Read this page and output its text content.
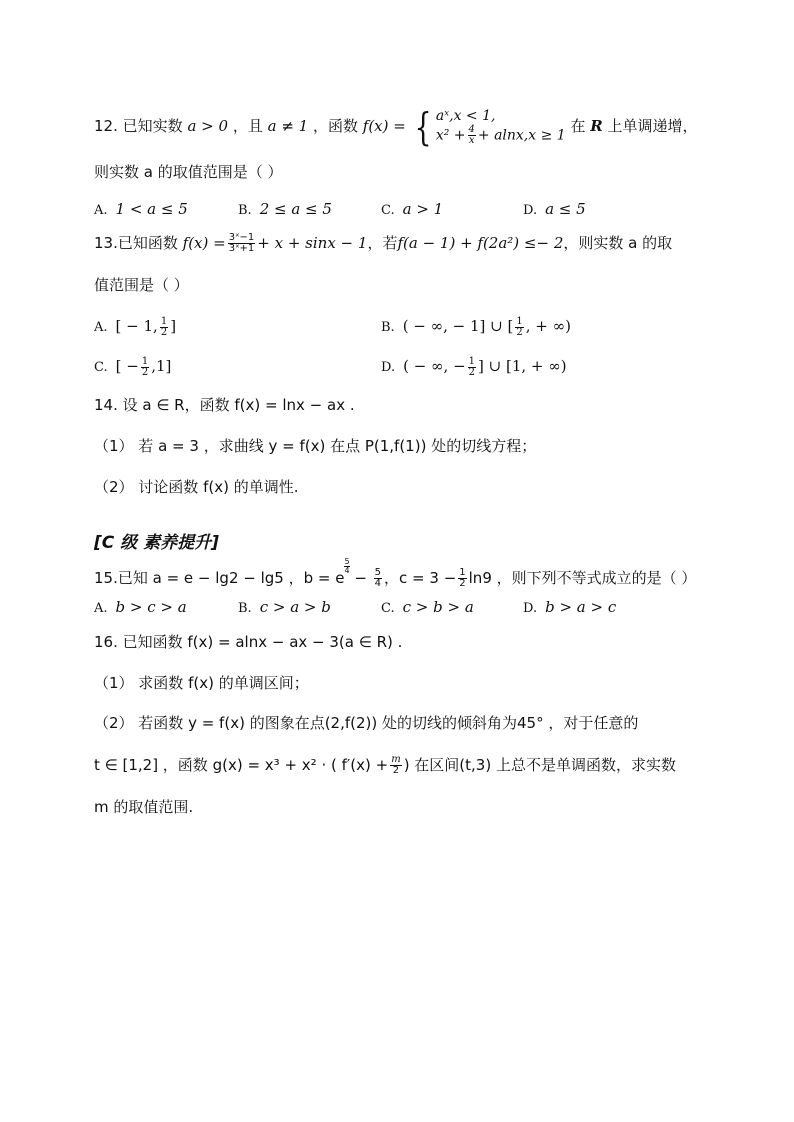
12. 已知实数 a > 0 ，且 a ≠ 1 ，函数 f(x) = { aˣ,x < 1,
$x^2 + \frac{4}{x} + alnx,x \ge 1$
在 R 上单调递增，
则实数 a 的取值范围是（ ）
A. 1 < a ≤ 5	B. 2 ≤ a ≤ 5	C. a > 1	D. a ≤ 5
13.已知函数 $f(x) = \frac{\text{3ˣ−1}}{\text{3ˣ+1}} + x + \sin x - 1$，若f(a − 1) + f(2a²) ≤− 2，则实数 a 的取
值范围是（ ）
A. [ − 1, $\frac{1}{2}$ ]	B. ( − ∞, − 1] ∪ [ $\frac{1}{2}$ , + ∞)
C. [ − $\frac{1}{2} ,1$]	D. ( − ∞, − $\frac{1}{2}$ ] ∪ [1, + ∞)
14. 设 a ∈ R，函数 f(x) = lnx − ax .
（1） 若 a = 3 ，求曲线 y = f(x) 在点 P(1,f(1)) 处的切线方程；
（2） 讨论函数 f(x) 的单调性.
[C 级 素养提升]
15.已知 a = e − lg2 − lg5 ，b = e
$\frac{5}{4}$
− $\frac{5}{4}$ ，$c = 3 - \frac{1}{2} \ln 9$ ，则下列不等式成立的是（ ）
A. b > c > a	B. c > a > b	C. c > b > a	D. b > a > c
16. 已知函数 f(x) = alnx − ax − 3(a ∈ R) .
（1） 求函数 f(x) 的单调区间；
（2） 若函数 y = f(x) 的图象在点(2,f(2)) 处的切线的倾斜角为45° ，对于任意的
t ∈ [1,2] ，函数 g(x) = x³ + x² · ( $f'(x) + \frac{m}{2}$ ) 在区间(t,3) 上总不是单调函数，求实数
m 的取值范围.
